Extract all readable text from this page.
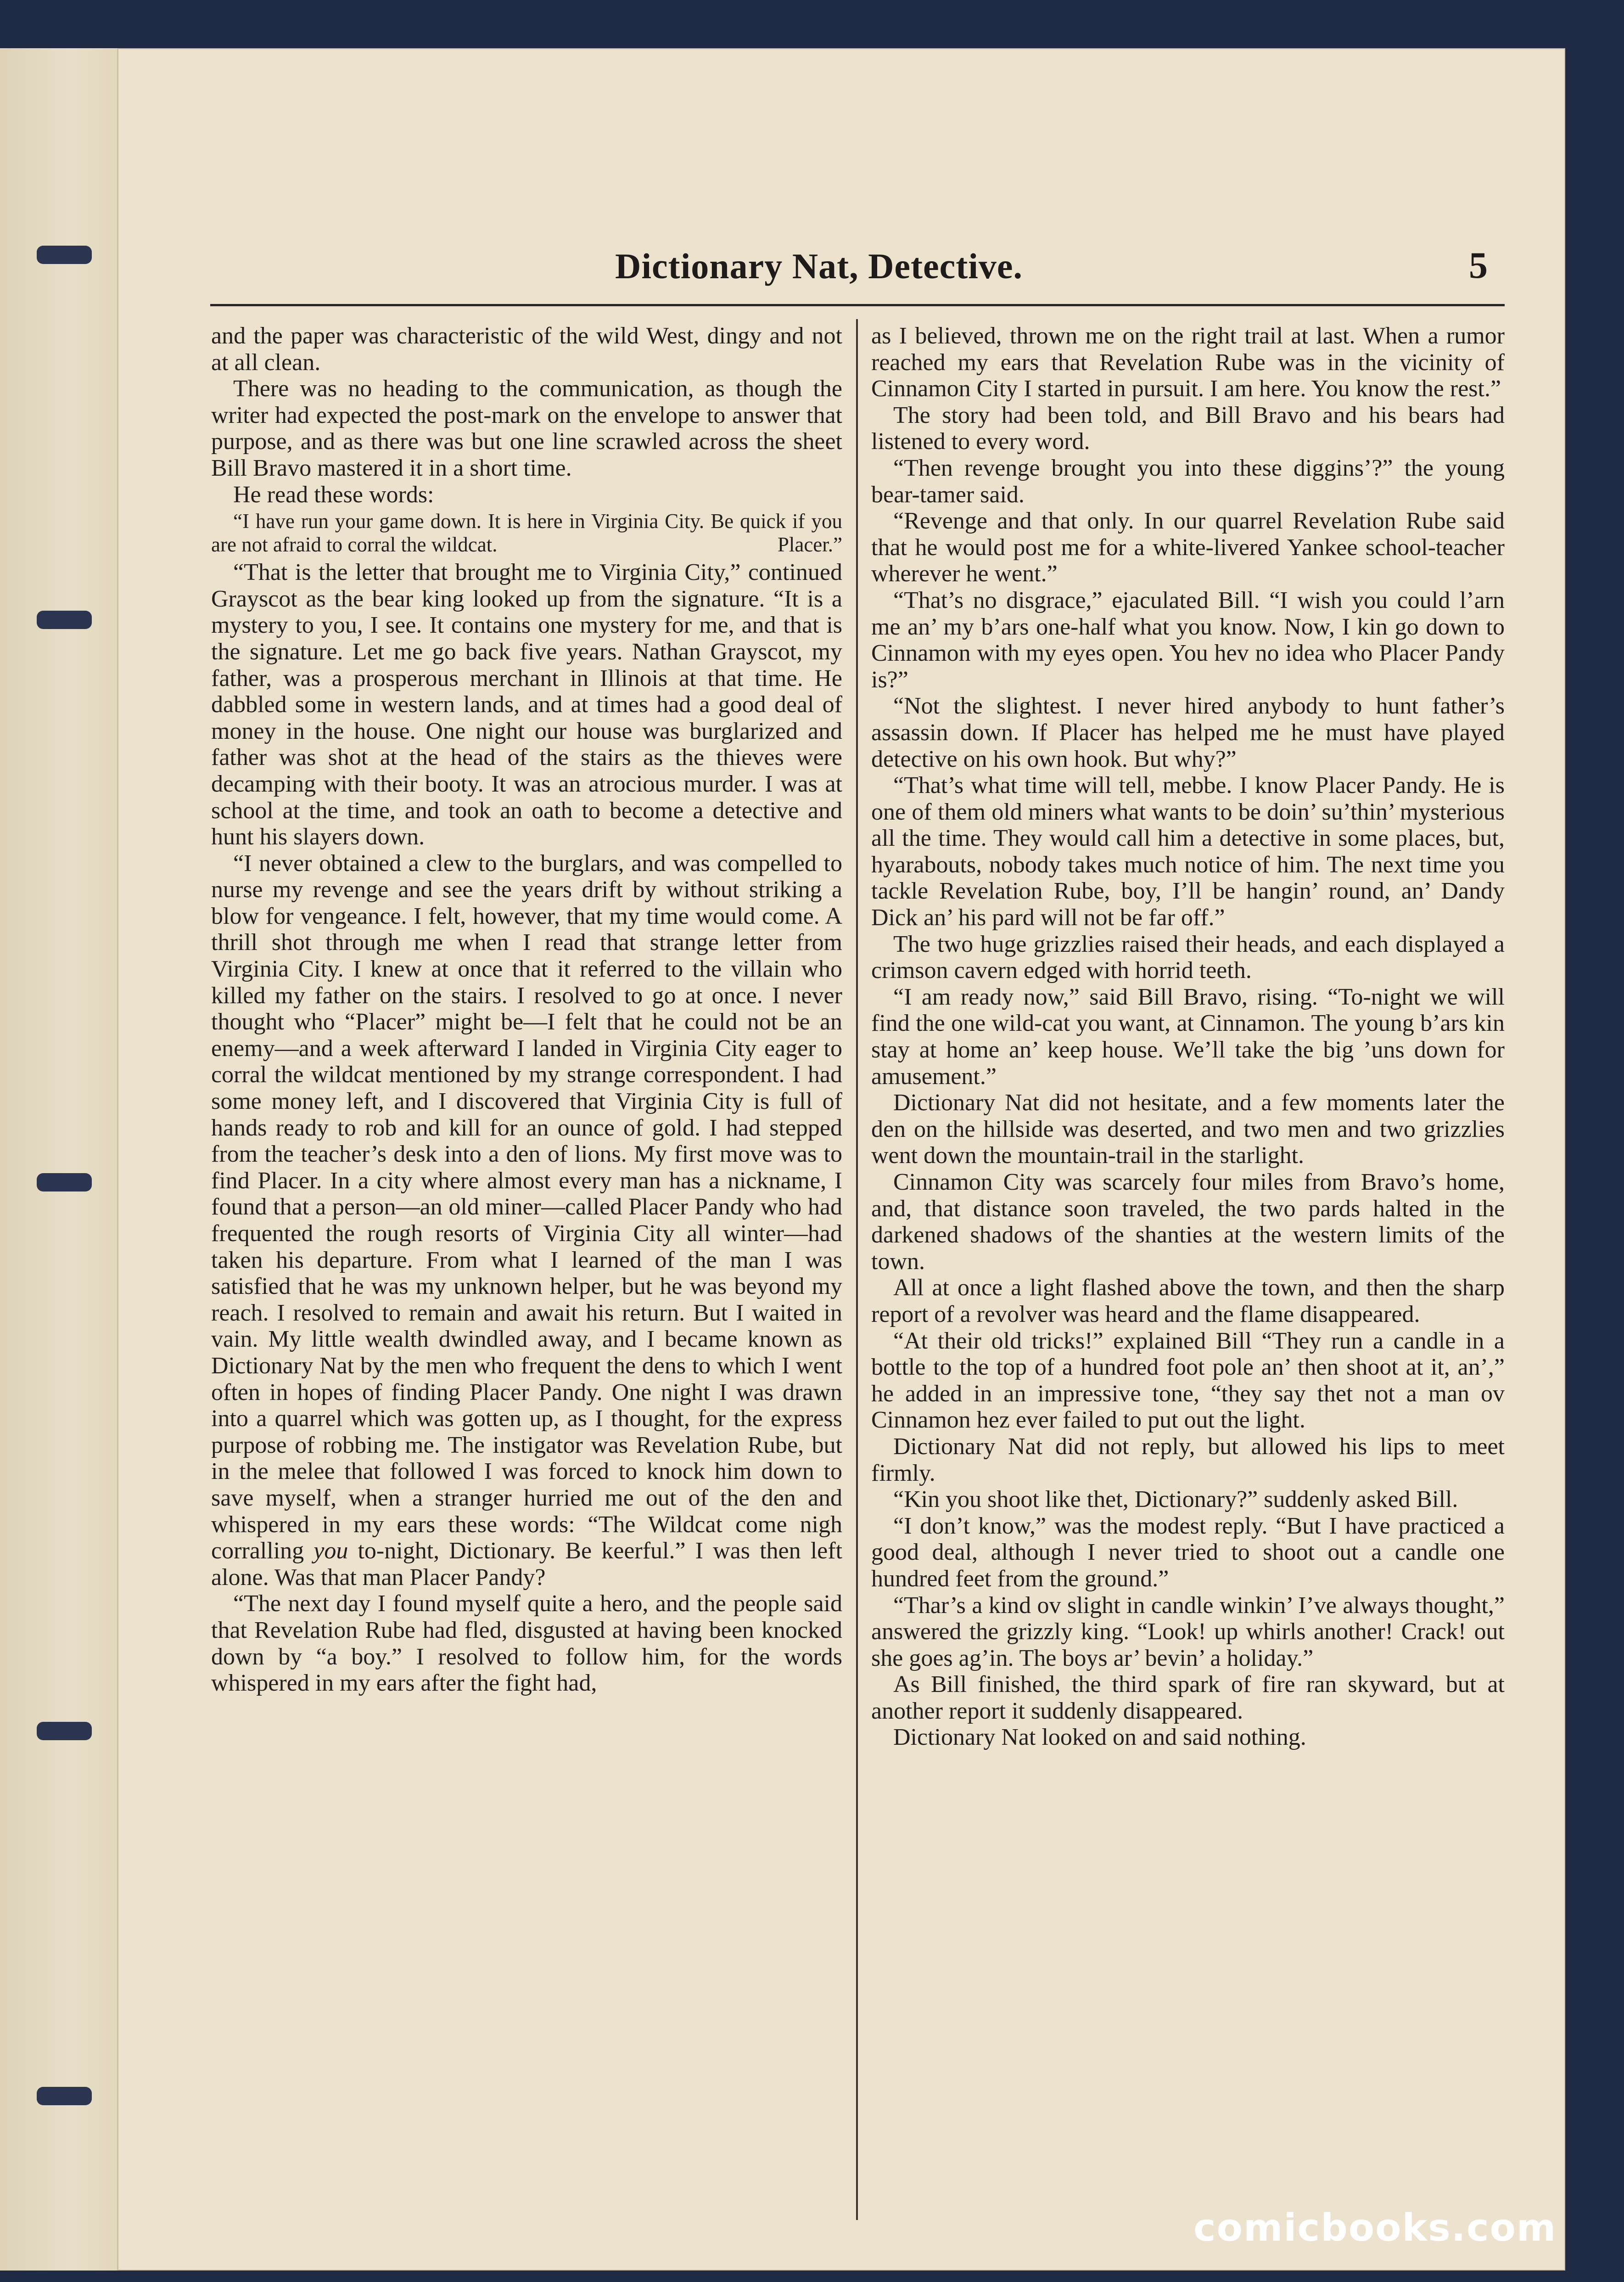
Dictionary Nat, Detective.	5

and the paper was characteristic of the wild West, dingy and not at all clean.

There was no heading to the communication, as though the writer had expected the post-mark on the envelope to answer that purpose, and as there was but one line scrawled across the sheet Bill Bravo mastered it in a short time.

He read these words:

“I have run your game down. It is here in Virginia City. Be quick if you are not afraid to corral the wildcat.	Placer.”

“That is the letter that brought me to Virginia City,” continued Grayscot as the bear king looked up from the signature. “It is a mystery to you, I see. It contains one mystery for me, and that is the signature. Let me go back five years. Nathan Grayscot, my father, was a prosperous merchant in Illinois at that time. He dabbled some in western lands, and at times had a good deal of money in the house. One night our house was burglarized and father was shot at the head of the stairs as the thieves were decamping with their booty. It was an atrocious murder. I was at school at the time, and took an oath to become a detective and hunt his slayers down.

“I never obtained a clew to the burglars, and was compelled to nurse my revenge and see the years drift by without striking a blow for vengeance. I felt, however, that my time would come. A thrill shot through me when I read that strange letter from Virginia City. I knew at once that it referred to the villain who killed my father on the stairs. I resolved to go at once. I never thought who “Placer” might be—I felt that he could not be an enemy—and a week afterward I landed in Virginia City eager to corral the wildcat mentioned by my strange correspondent. I had some money left, and I discovered that Virginia City is full of hands ready to rob and kill for an ounce of gold. I had stepped from the teacher’s desk into a den of lions. My first move was to find Placer. In a city where almost every man has a nickname, I found that a person—an old miner—called Placer Pandy who had frequented the rough resorts of Virginia City all winter—had taken his departure. From what I learned of the man I was satisfied that he was my unknown helper, but he was beyond my reach. I resolved to remain and await his return. But I waited in vain. My little wealth dwindled away, and I became known as Dictionary Nat by the men who frequent the dens to which I went often in hopes of finding Placer Pandy. One night I was drawn into a quarrel which was gotten up, as I thought, for the express purpose of robbing me. The instigator was Revelation Rube, but in the melee that followed I was forced to knock him down to save myself, when a stranger hurried me out of the den and whispered in my ears these words: “The Wildcat come nigh corralling you to-night, Dictionary. Be keerful.” I was then left alone. Was that man Placer Pandy?

“The next day I found myself quite a hero, and the people said that Revelation Rube had fled, disgusted at having been knocked down by “a boy.” I resolved to follow him, for the words whispered in my ears after the fight had,

as I believed, thrown me on the right trail at last. When a rumor reached my ears that Revelation Rube was in the vicinity of Cinnamon City I started in pursuit. I am here. You know the rest.”

The story had been told, and Bill Bravo and his bears had listened to every word.

“Then revenge brought you into these diggins’?” the young bear-tamer said.

“Revenge and that only. In our quarrel Revelation Rube said that he would post me for a white-livered Yankee school-teacher wherever he went.”

“That’s no disgrace,” ejaculated Bill. “I wish you could l’arn me an’ my b’ars one-half what you know. Now, I kin go down to Cinnamon with my eyes open. You hev no idea who Placer Pandy is?”

“Not the slightest. I never hired anybody to hunt father’s assassin down. If Placer has helped me he must have played detective on his own hook. But why?”

“That’s what time will tell, mebbe. I know Placer Pandy. He is one of them old miners what wants to be doin’ su’thin’ mysterious all the time. They would call him a detective in some places, but, hyarabouts, nobody takes much notice of him. The next time you tackle Revelation Rube, boy, I’ll be hangin’ round, an’ Dandy Dick an’ his pard will not be far off.”

The two huge grizzlies raised their heads, and each displayed a crimson cavern edged with horrid teeth.

“I am ready now,” said Bill Bravo, rising. “To-night we will find the one wild-cat you want, at Cinnamon. The young b’ars kin stay at home an’ keep house. We’ll take the big ’uns down for amusement.”

Dictionary Nat did not hesitate, and a few moments later the den on the hillside was deserted, and two men and two grizzlies went down the mountain-trail in the starlight.

Cinnamon City was scarcely four miles from Bravo’s home, and, that distance soon traveled, the two pards halted in the darkened shadows of the shanties at the western limits of the town.

All at once a light flashed above the town, and then the sharp report of a revolver was heard and the flame disappeared.

“At their old tricks!” explained Bill “They run a candle in a bottle to the top of a hundred foot pole an’ then shoot at it, an’,” he added in an impressive tone, “they say thet not a man ov Cinnamon hez ever failed to put out the light.

Dictionary Nat did not reply, but allowed his lips to meet firmly.

“Kin you shoot like thet, Dictionary?” suddenly asked Bill.

“I don’t know,” was the modest reply. “But I have practiced a good deal, although I never tried to shoot out a candle one hundred feet from the ground.”

“Thar’s a kind ov slight in candle winkin’ I’ve always thought,” answered the grizzly king. “Look! up whirls another! Crack! out she goes ag’in. The boys ar’ bevin’ a holiday.”

As Bill finished, the third spark of fire ran skyward, but at another report it suddenly disappeared.

Dictionary Nat looked on and said nothing.

comicbooks.com
